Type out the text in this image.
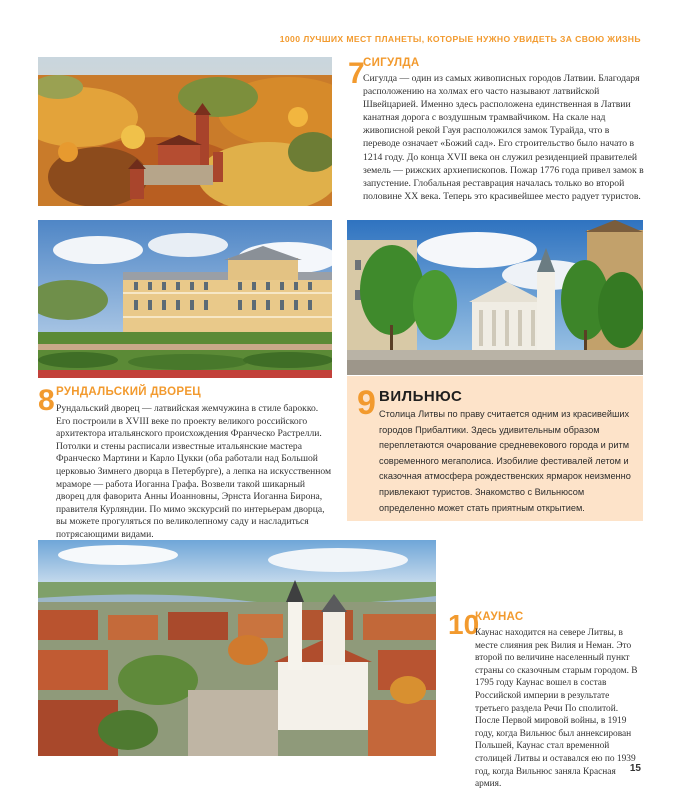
1000 ЛУЧШИХ МЕСТ ПЛАНЕТЫ, КОТОРЫЕ НУЖНО УВИДЕТЬ ЗА СВОЮ ЖИЗНЬ
7
СИГУЛДА
Сигулда — один из самых живописных городов Латвии. Благодаря расположению на холмах его часто называют латвийской Швейцарией. Именно здесь расположена единственная в Латвии канатная дорога с воздушным трамвайчиком. На скале над живописной рекой Гауя расположился замок Турайда, что в переводе означает «Божий сад». Его строительство было начато в 1214 году. До конца XVII века он служил резиденцией правителей земель — рижских архиепископов. Пожар 1776 года привел замок в запустение. Глобальная реставрация началась только во второй половине XX века. Теперь это красивейшее место радует туристов.
8 РУНДАЛЬСКИЙ ДВОРЕЦ
Рундальский дворец — латвийская жемчужина в стиле барокко. Его построили в XVIII веке по проекту великого российского архитектора итальянского происхождения Франческо Растрелли. Потолки и стены расписали известные итальянские мастера Франческо Мартини и Карло Цукки (оба работали над Большой церковью Зимнего дворца в Петербурге), а лепка на искусственном мраморе — работа Иоганна Графа. Возвели такой шикарный дворец для фаворита Анны Иоанновны, Эрнста Иоганна Бирона, правителя Курляндии. По мимо экскурсий по интерьерам дворца, вы можете прогуляться по великолепному саду и насладиться потрясающими видами.
9 ВИЛЬНЮС
Столица Литвы по праву считается одним из красивейших городов Прибалтики. Здесь удивительным образом переплетаются очарование средневекового города и ритм современного мегаполиса. Изобилие фестивалей летом и сказочная атмосфера рождественских ярмарок неизменно привлекают туристов. Знакомство с Вильнюсом определенно может стать приятным открытием.
10
КАУНАС
Каунас находится на севере Литвы, в месте слияния рек Вилия и Неман. Это второй по величине населенный пункт страны со сказочным старым городом. В 1795 году Каунас вошел в состав Российской империи в результате третьего раздела Речи По сполитой. После Первой мировой войны, в 1919 году, когда Вильнюс был аннексирован Польшей, Каунас стал временной столицей Литвы и оставался ею по 1939 год, когда Вильнюс заняла Красная армия.
15
